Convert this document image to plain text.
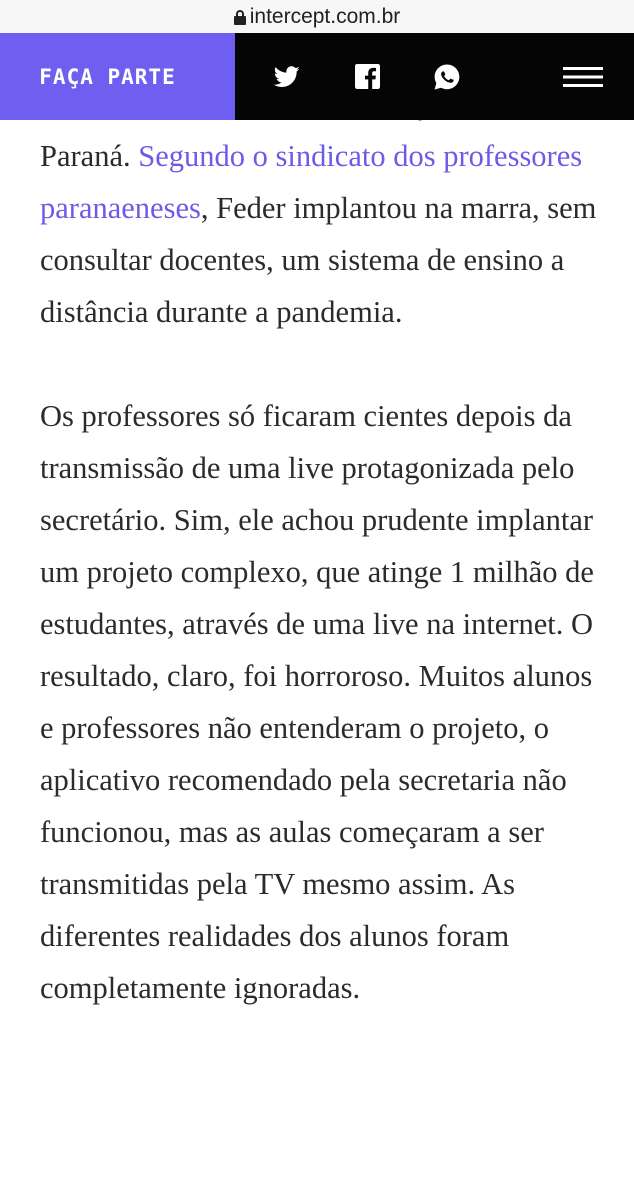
intercept.com.br
FAÇA PARTE

Paraná. Segundo o sindicato dos professores paranaeneses, Feder implantou na marra, sem consultar docentes, um sistema de ensino a distância durante a pandemia.

Os professores só ficaram cientes depois da transmissão de uma live protagonizada pelo secretário. Sim, ele achou prudente implantar um projeto complexo, que atinge 1 milhão de estudantes, através de uma live na internet. O resultado, claro, foi horroroso. Muitos alunos e professores não entenderam o projeto, o aplicativo recomendado pela secretaria não funcionou, mas as aulas começaram a ser transmitidas pela TV mesmo assim. As diferentes realidades dos alunos foram completamente ignoradas.
